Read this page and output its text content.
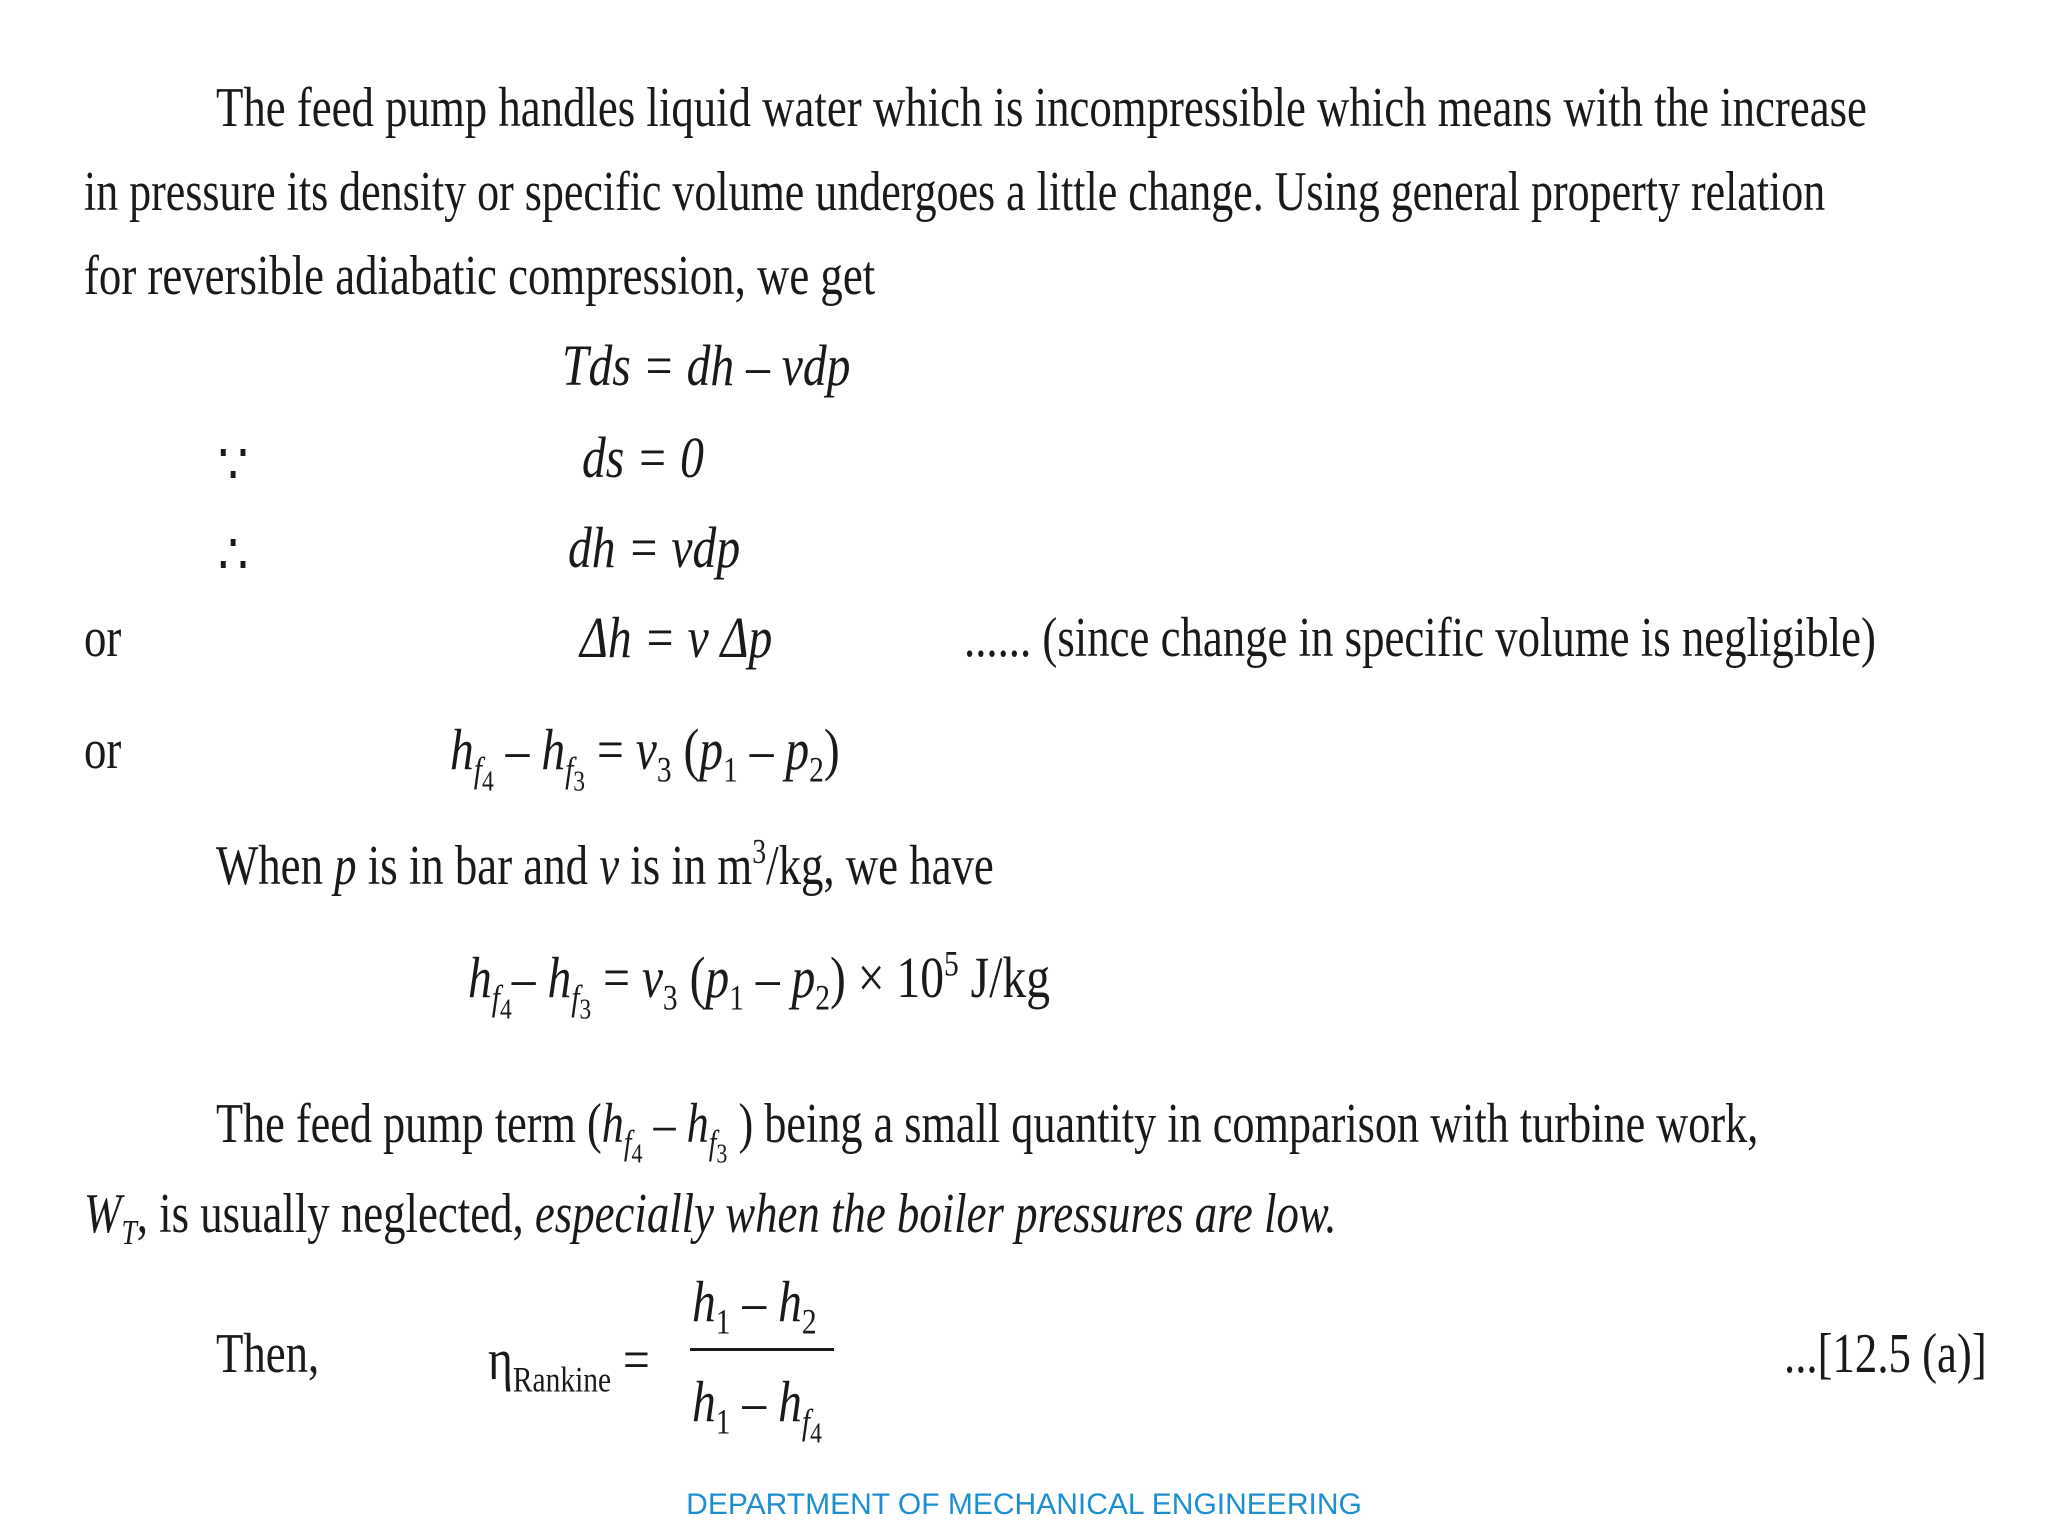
The feed pump handles liquid water which is incompressible which means with the increase
in pressure its density or specific volume undergoes a little change. Using general property relation
for reversible adiabatic compression, we get
Tds = dh – vdp
∵	ds = 0
∴	dh = vdp
or	Δh = v Δp	...... (since change in specific volume is negligible)
or	$h_{f_4} - h_{f_3} = v_3$ $(p_1 - p_2)$
When p is in bar and v is in $m^3/kg$, we have
$h_{f_4}-$ $h_{f_3} = v_3$ $(p_1 - p_2) \times 10^5$ J/kg
The feed pump term ($h_{f_4} - h_{f_3}$ ) being a small quantity in comparison with turbine work,
$W_T$, is usually neglected, especially when the boiler pressures are low.
Then,	$\eta_{Rankine}$ =
$h_1 - h_2$
$h_1 - h_{f_4}$
...[12.5 (a)]
DEPARTMENT OF MECHANICAL ENGINEERING
